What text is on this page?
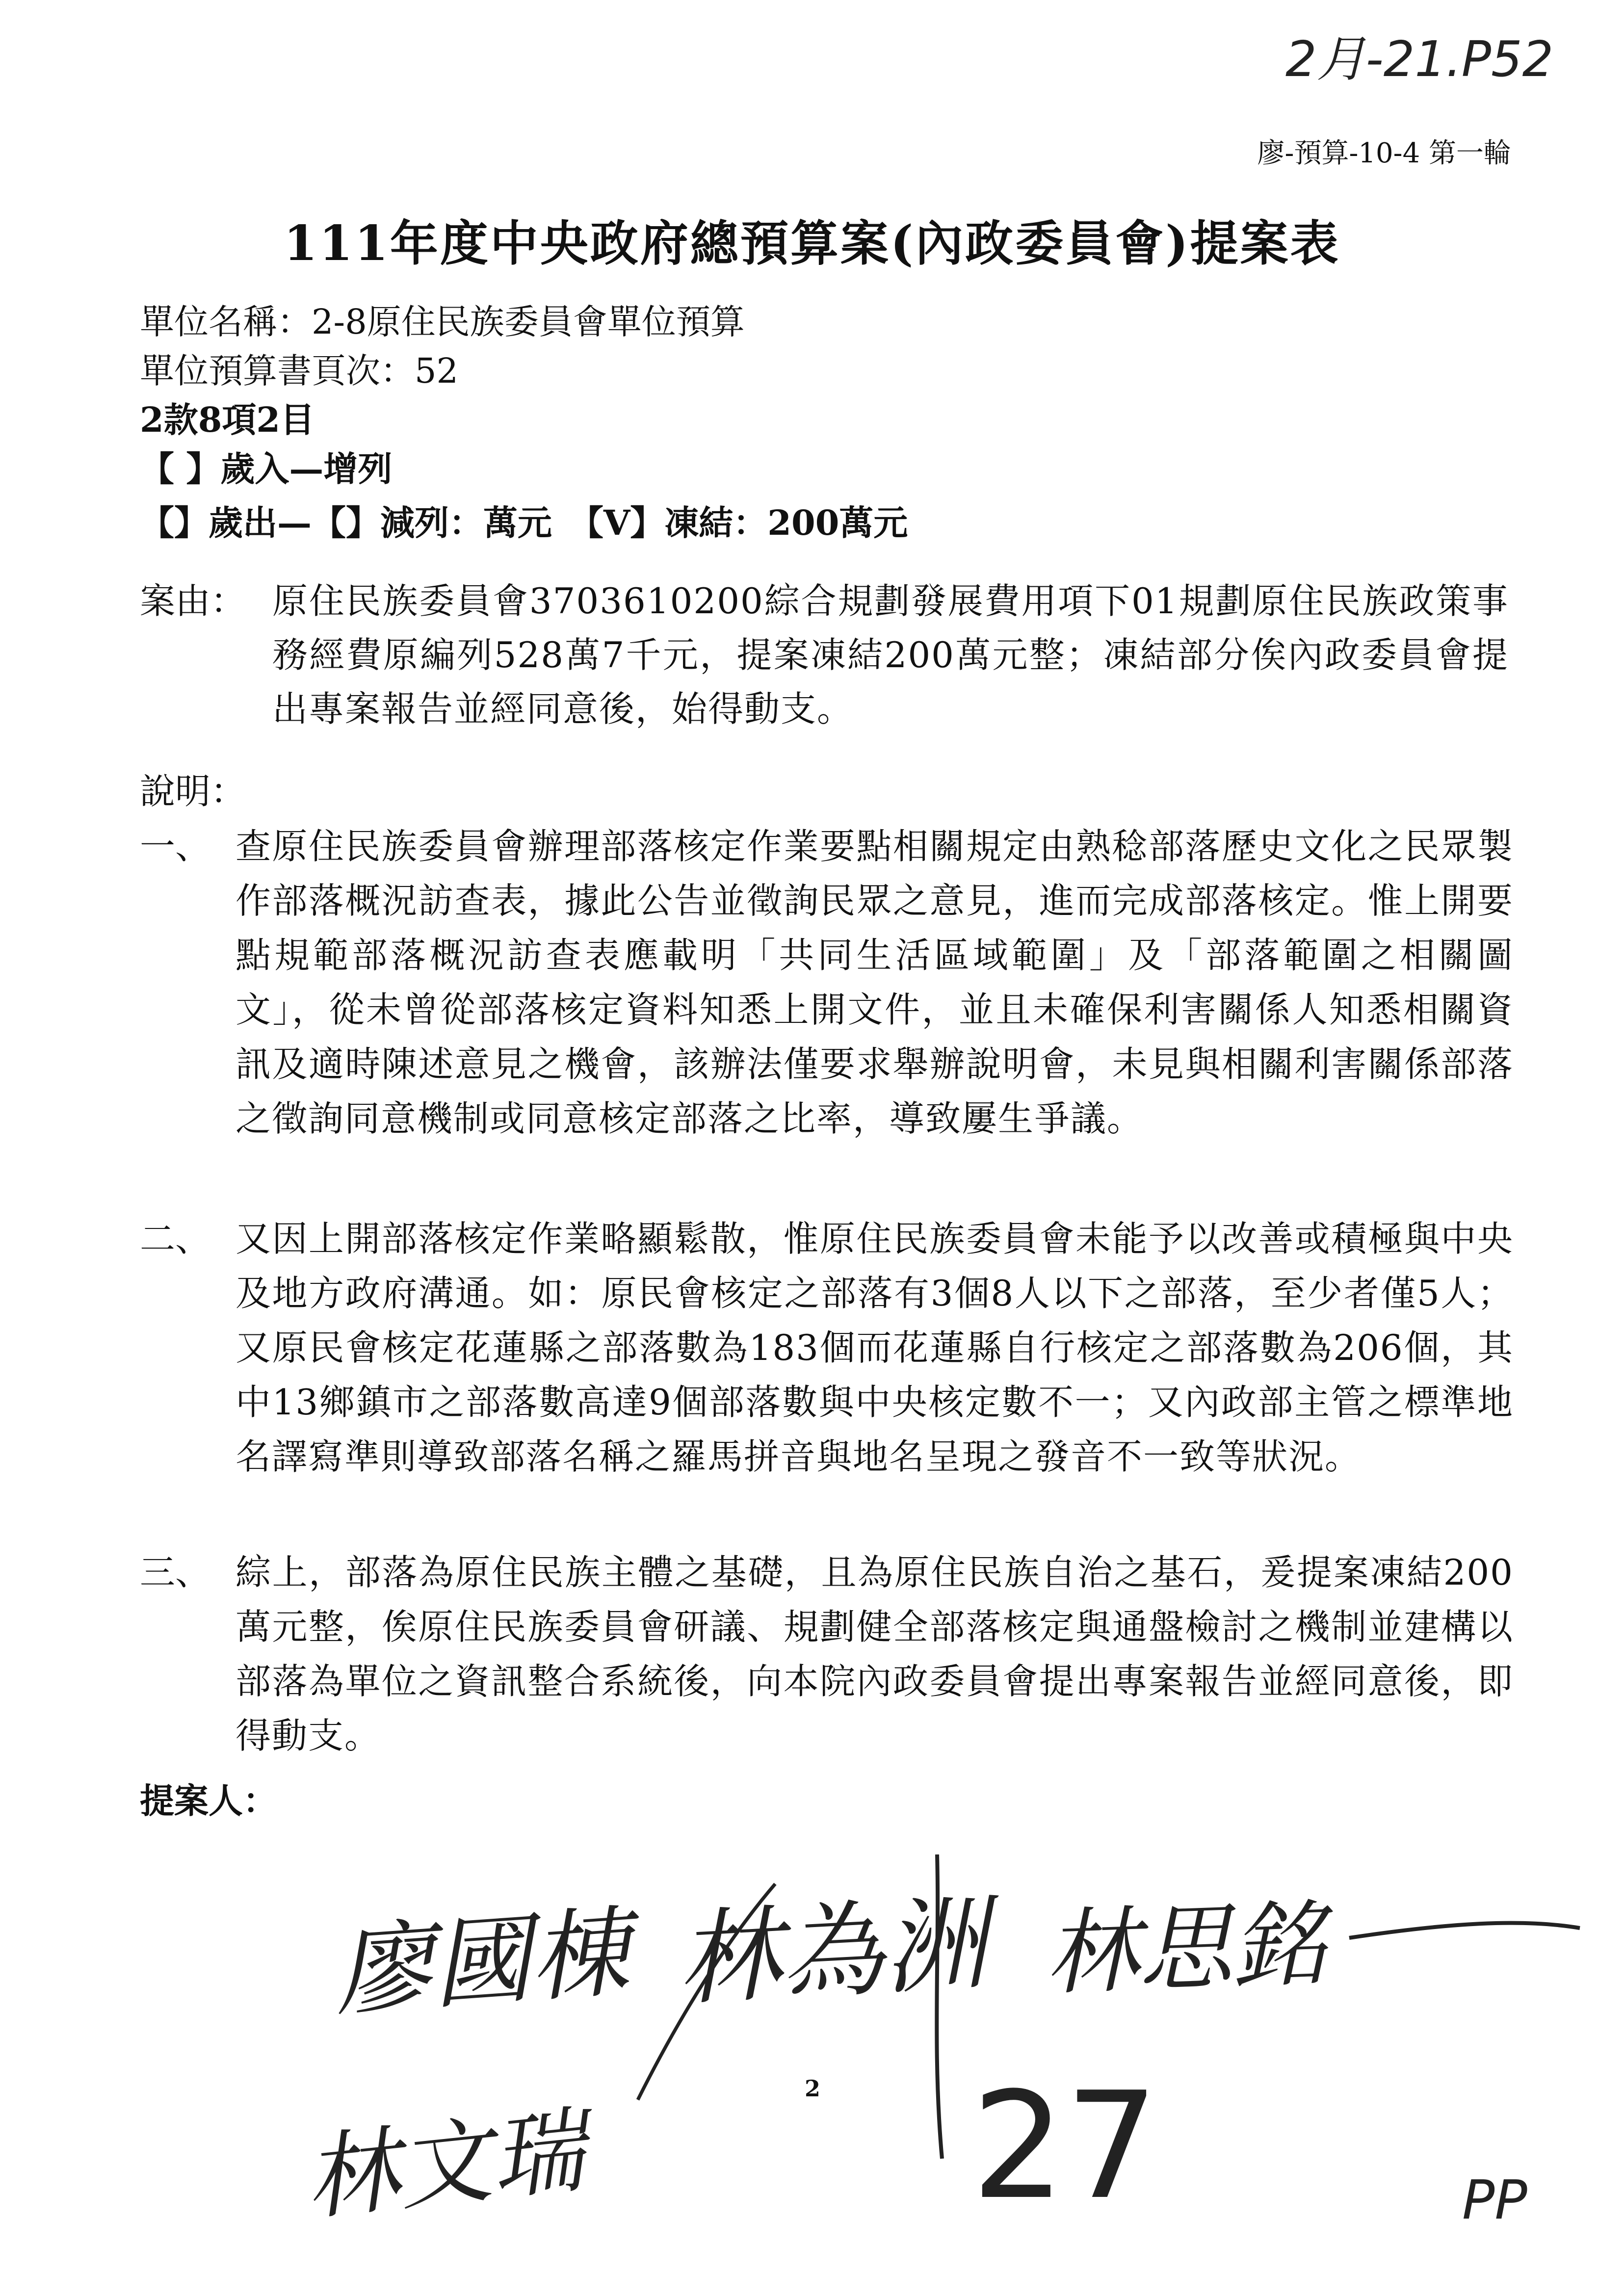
2月-21.P52
廖-預算-10-4 第一輪
111年度中央政府總預算案(內政委員會)提案表
單位名稱：2-8原住民族委員會單位預算
單位預算書頁次：52
2款8項2目
【 】歲入—增列
【】歲出—【】減列：萬元　【V】凍結：200萬元
案由： 原住民族委員會3703610200綜合規劃發展費用項下01規劃原住民族政策事務經費原編列528萬7千元，提案凍結200萬元整；凍結部分俟內政委員會提出專案報告並經同意後，始得動支。
說明：
一、 查原住民族委員會辦理部落核定作業要點相關規定由熟稔部落歷史文化之民眾製作部落概況訪查表，據此公告並徵詢民眾之意見，進而完成部落核定。惟上開要點規範部落概況訪查表應載明「共同生活區域範圍」及「部落範圍之相關圖文」，從未曾從部落核定資料知悉上開文件，並且未確保利害關係人知悉相關資訊及適時陳述意見之機會，該辦法僅要求舉辦說明會，未見與相關利害關係部落之徵詢同意機制或同意核定部落之比率，導致屢生爭議。
二、 又因上開部落核定作業略顯鬆散，惟原住民族委員會未能予以改善或積極與中央及地方政府溝通。如：原民會核定之部落有3個8人以下之部落，至少者僅5人；又原民會核定花蓮縣之部落數為183個而花蓮縣自行核定之部落數為206個，其中13鄉鎮市之部落數高達9個部落數與中央核定數不一；又內政部主管之標準地名譯寫準則導致部落名稱之羅馬拼音與地名呈現之發音不一致等狀況。
三、 綜上，部落為原住民族主體之基礎，且為原住民族自治之基石，爰提案凍結200萬元整，俟原住民族委員會研議、規劃健全部落核定與通盤檢討之機制並建構以部落為單位之資訊整合系統後，向本院內政委員會提出專案報告並經同意後，即得動支。
提案人：
廖國棟 林為洲 林思銘
林文瑞	27	PP
2
